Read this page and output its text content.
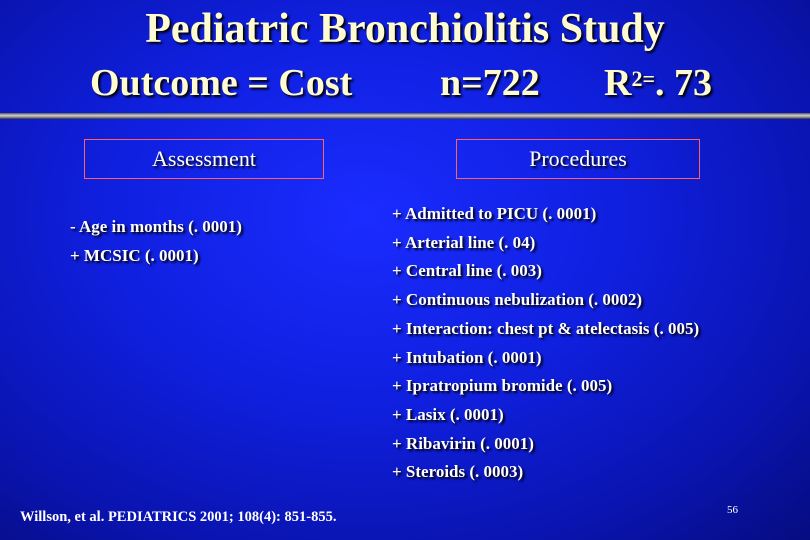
Pediatric Bronchiolitis Study
Outcome = Cost n=722 $R^{2=}$. 73
Assessment	Procedures
- Age in months (. 0001)
+ MCSIC (. 0001)
+ Admitted to PICU (. 0001)
+ Arterial line (. 04)
+ Central line (. 003)
+ Continuous nebulization (. 0002)
+ Interaction: chest pt & atelectasis (. 005)
+ Intubation (. 0001)
+ Ipratropium bromide (. 005)
+ Lasix (. 0001)
+ Ribavirin (. 0001)
+ Steroids (. 0003)
Willson, et al. PEDIATRICS 2001; 108(4): 851-855.	56
